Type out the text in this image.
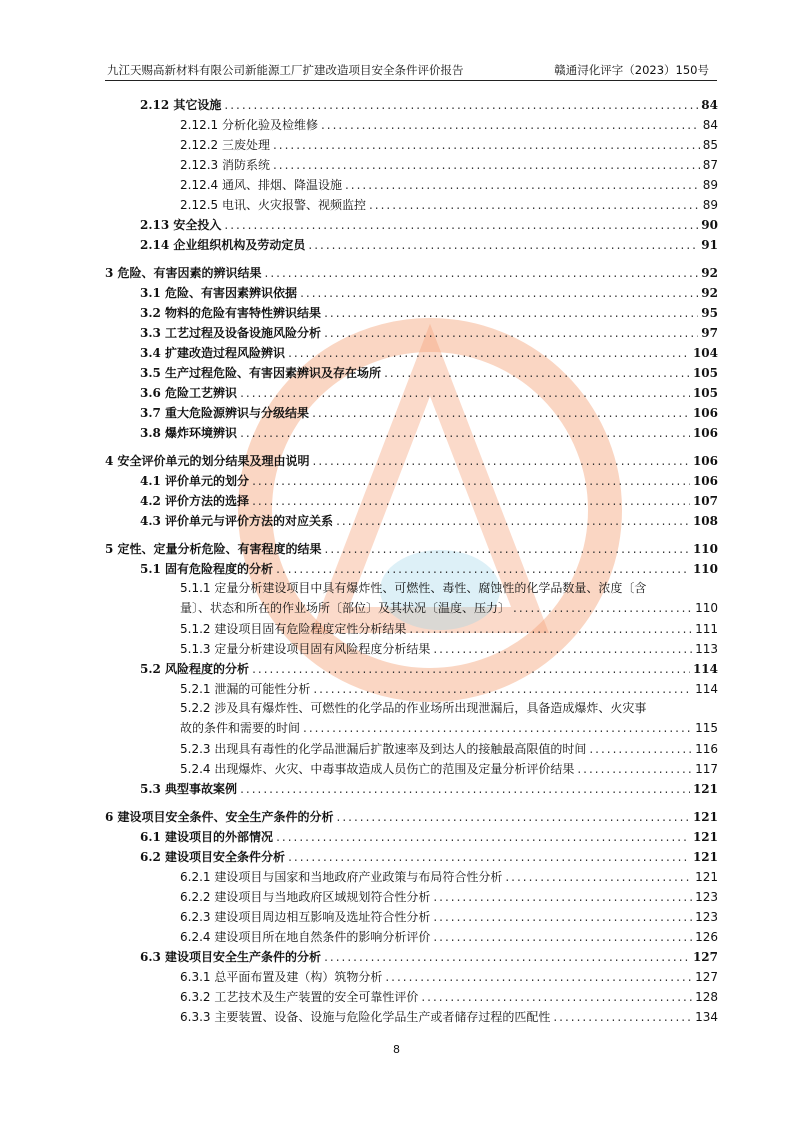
九江天赐高新材料有限公司新能源工厂扩建改造项目安全条件评价报告	赣通浔化评字（2023）150号
2.12 其它设施 .....	84
2.12.1 分析化验及检维修 .....	84
2.12.2 三废处理 .....	85
2.12.3 消防系统 .....	87
2.12.4 通风、排烟、降温设施 .....	89
2.12.5 电讯、火灾报警、视频监控 .....	89
2.13 安全投入 .....	90
2.14 企业组织机构及劳动定员 .....	91
3 危险、有害因素的辨识结果 .....	92
3.1 危险、有害因素辨识依据 .....	92
3.2 物料的危险有害特性辨识结果 .....	95
3.3 工艺过程及设备设施风险分析 .....	97
3.4 扩建改造过程风险辨识 .....	104
3.5 生产过程危险、有害因素辨识及存在场所 .....	105
3.6 危险工艺辨识 .....	105
3.7 重大危险源辨识与分级结果 .....	106
3.8 爆炸环境辨识 .....	106
4 安全评价单元的划分结果及理由说明 .....	106
4.1 评价单元的划分 .....	106
4.2 评价方法的选择 .....	107
4.3 评价单元与评价方法的对应关系 .....	108
5 定性、定量分析危险、有害程度的结果 .....	110
5.1 固有危险程度的分析 .....	110
5.1.1 定量分析建设项目中具有爆炸性、可燃性、毒性、腐蚀性的化学品数量、浓度〔含
量〕、状态和所在的作业场所〔部位〕及其状况〔温度、压力〕 .....	110
5.1.2 建设项目固有危险程度定性分析结果 .....	111
5.1.3 定量分析建设项目固有风险程度分析结果 .....	113
5.2 风险程度的分析 .....	114
5.2.1 泄漏的可能性分析 .....	114
5.2.2 涉及具有爆炸性、可燃性的化学品的作业场所出现泄漏后，具备造成爆炸、火灾事
故的条件和需要的时间 .....	115
5.2.3 出现具有毒性的化学品泄漏后扩散速率及到达人的接触最高限值的时间 .....	116
5.2.4 出现爆炸、火灾、中毒事故造成人员伤亡的范围及定量分析评价结果 .....	117
5.3 典型事故案例 .....	121
6 建设项目安全条件、安全生产条件的分析 .....	121
6.1 建设项目的外部情况 .....	121
6.2 建设项目安全条件分析 .....	121
6.2.1 建设项目与国家和当地政府产业政策与布局符合性分析 .....	121
6.2.2 建设项目与当地政府区域规划符合性分析 .....	123
6.2.3 建设项目周边相互影响及选址符合性分析 .....	123
6.2.4 建设项目所在地自然条件的影响分析评价 .....	126
6.3 建设项目安全生产条件的分析 .....	127
6.3.1 总平面布置及建（构）筑物分析 .....	127
6.3.2 工艺技术及生产装置的安全可靠性评价 .....	128
6.3.3 主要装置、设备、设施与危险化学品生产或者储存过程的匹配性 .....	134
8
